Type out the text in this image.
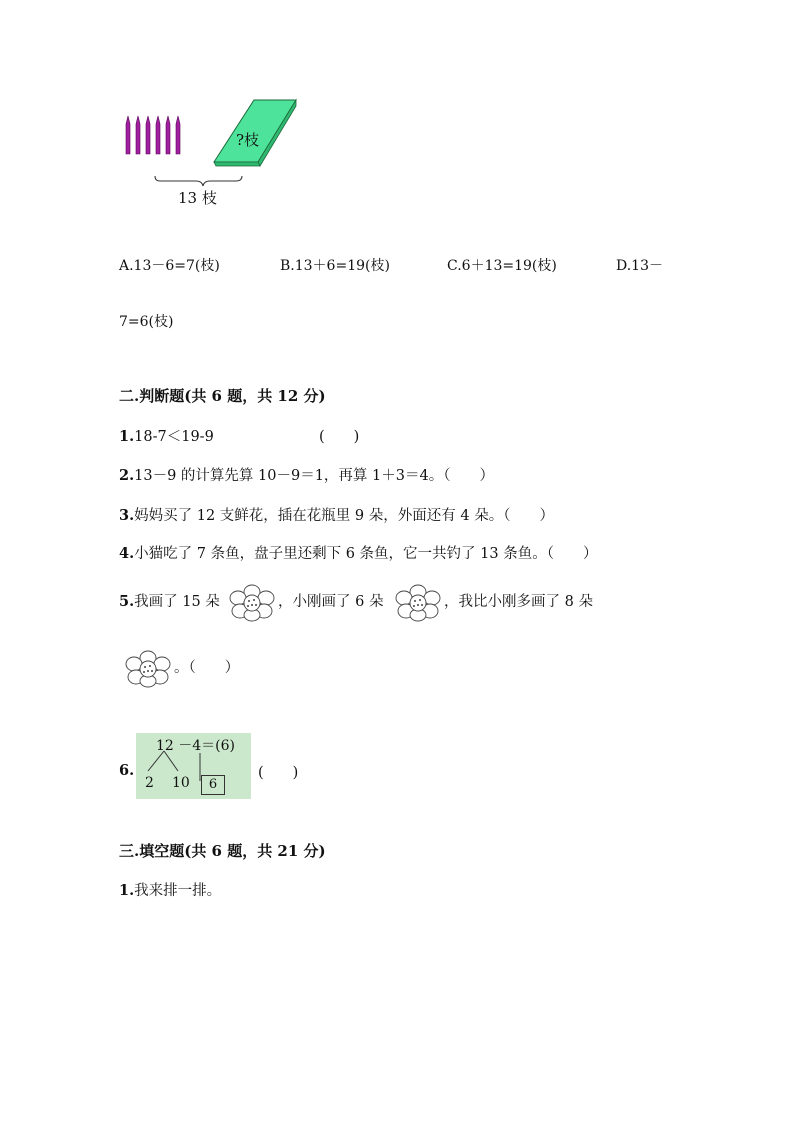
?枝
13 枝
A.13－6=7(枝)	B.13＋6=19(枝)	C.6＋13=19(枝)	D.13－
7=6(枝)
二.判断题(共 6 题，共 12 分)
1.18-7＜19-9	(　　)
2.13－9 的计算先算 10－9＝1，再算 1＋3＝4。（　　）
3.妈妈买了 12 支鲜花，插在花瓶里 9 朵，外面还有 4 朵。（　　）
4.小猫吃了 7 条鱼，盘子里还剩下 6 条鱼，它一共钓了 13 条鱼。（　　）
5.我画了 15 朵	，小刚画了 6 朵	，我比小刚多画了 8 朵
。（　　）
6.
12 －4＝(6)
2 10	6
(　　)
三.填空题(共 6 题，共 21 分)
1.我来排一排。
